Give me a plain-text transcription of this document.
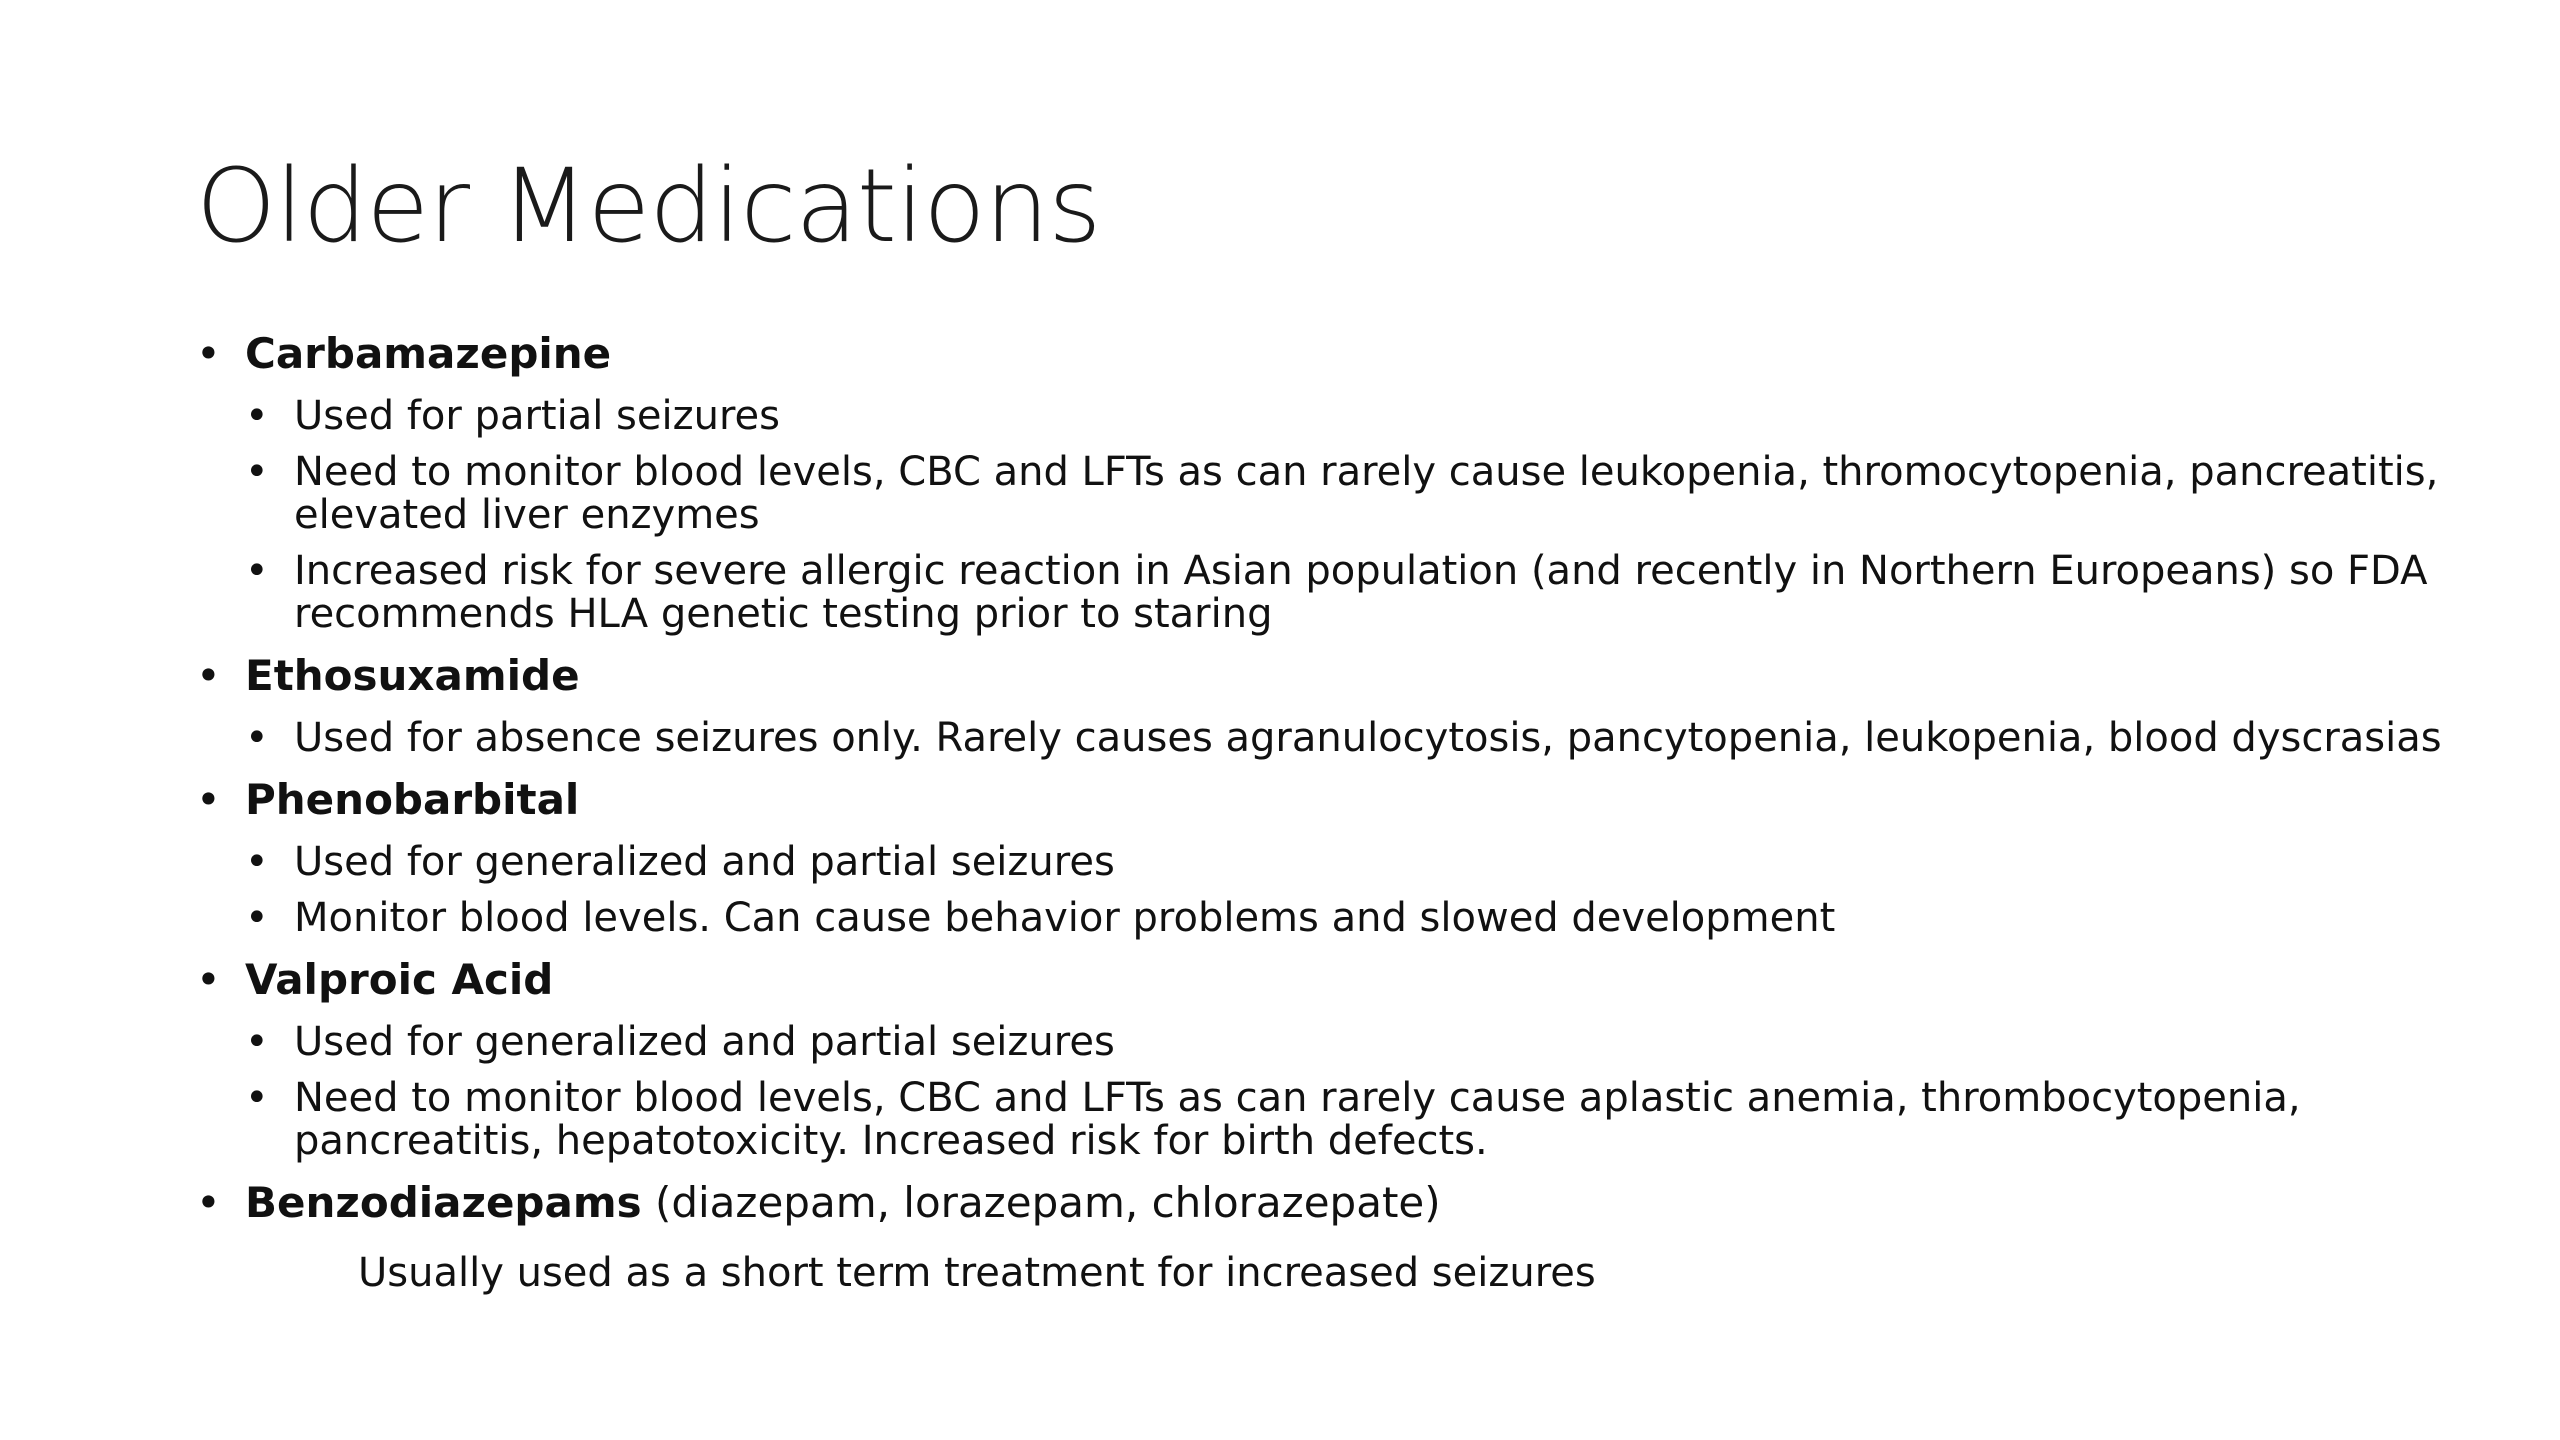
Older Medications
• Carbamazepine
• Used for partial seizures
• Need to monitor blood levels, CBC and LFTs as can rarely cause leukopenia, thromocytopenia, pancreatitis, elevated liver enzymes
• Increased risk for severe allergic reaction in Asian population (and recently in Northern Europeans) so FDA recommends HLA genetic testing prior to staring
• Ethosuxamide
• Used for absence seizures only. Rarely causes agranulocytosis, pancytopenia, leukopenia, blood dyscrasias
• Phenobarbital
• Used for generalized and partial seizures
• Monitor blood levels. Can cause behavior problems and slowed development
• Valproic Acid
• Used for generalized and partial seizures
• Need to monitor blood levels, CBC and LFTs as can rarely cause aplastic anemia, thrombocytopenia, pancreatitis, hepatotoxicity. Increased risk for birth defects.
• Benzodiazepams (diazepam, lorazepam, chlorazepate)
Usually used as a short term treatment for increased seizures
